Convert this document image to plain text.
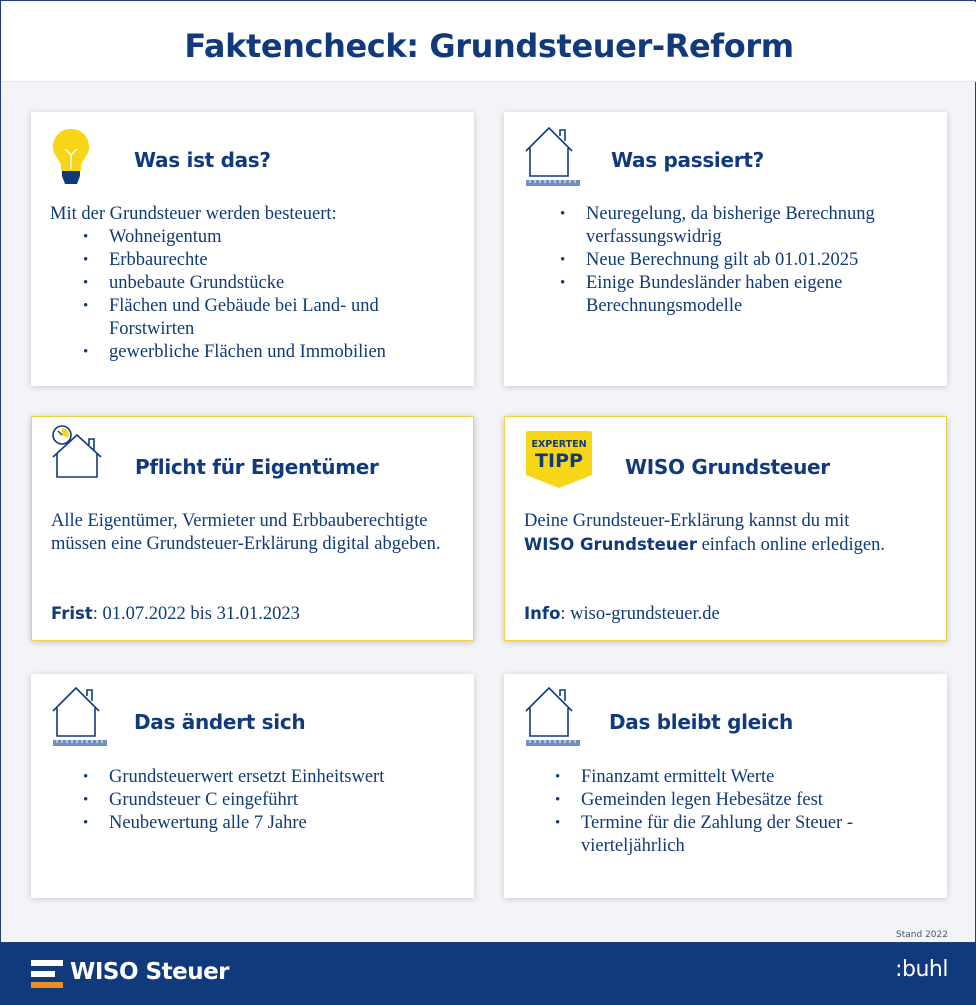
Faktencheck: Grundsteuer-Reform
Was ist das?
Mit der Grundsteuer werden besteuert:
• Wohneigentum
• Erbbaurechte
• unbebaute Grundstücke
• Flächen und Gebäude bei Land- und Forstwirten
• gewerbliche Flächen und Immobilien
Was passiert?
• Neuregelung, da bisherige Berechnung verfassungswidrig
• Neue Berechnung gilt ab 01.01.2025
• Einige Bundesländer haben eigene Berechnungsmodelle
Pflicht für Eigentümer
Alle Eigentümer, Vermieter und Erbbauberechtigte müssen eine Grundsteuer-Erklärung digital abgeben.
Frist: 01.07.2022 bis 31.01.2023
EXPERTEN
TIPP	WISO Grundsteuer
Deine Grundsteuer-Erklärung kannst du mit
WISO Grundsteuer einfach online erledigen.
Info: wiso-grundsteuer.de
Das ändert sich
• Grundsteuerwert ersetzt Einheitswert
• Grundsteuer C eingeführt
• Neubewertung alle 7 Jahre
Das bleibt gleich
• Finanzamt ermittelt Werte
• Gemeinden legen Hebesätze fest
• Termine für die Zahlung der Steuer - vierteljährlich
Stand 2022
WISO Steuer	:buhl
